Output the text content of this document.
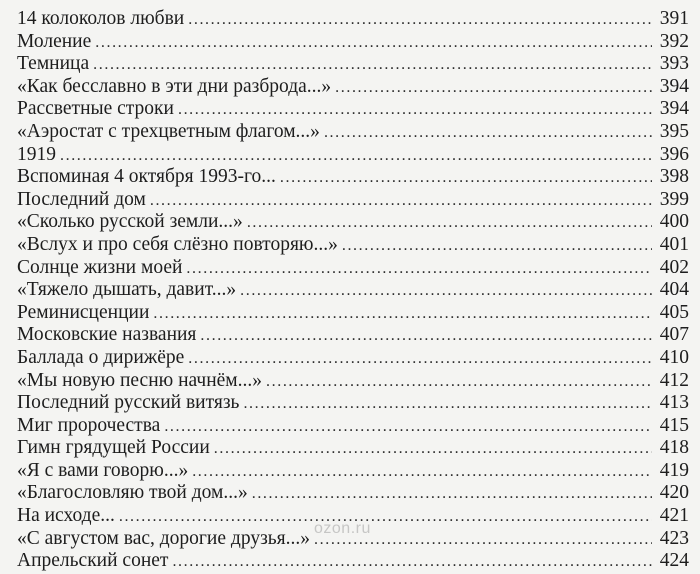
14 колоколов любви .....	391
Моление .....	392
Темница .....	393
«Как бесславно в эти дни разброда...» .....	394
Рассветные строки .....	394
«Аэростат с трехцветным флагом...» .....	395
1919 .....	396
Вспоминая 4 октября 1993-го... .....	398
Последний дом .....	399
«Сколько русской земли...» .....	400
«Вслух и про себя слёзно повторяю...» .....	401
Солнце жизни моей .....	402
«Тяжело дышать, давит...» .....	404
Реминисценции .....	405
Московские названия .....	407
Баллада о дирижёре .....	410
«Мы новую песню начнём...» .....	412
Последний русский витязь .....	413
Миг пророчества .....	415
Гимн грядущей России .....	418
«Я с вами говорю...» .....	419
«Благословляю твой дом...» .....	420
На исходе... .....	421
«С августом вас, дорогие друзья...» .....	423
Апрельский сонет .....	424
ozon.ru
